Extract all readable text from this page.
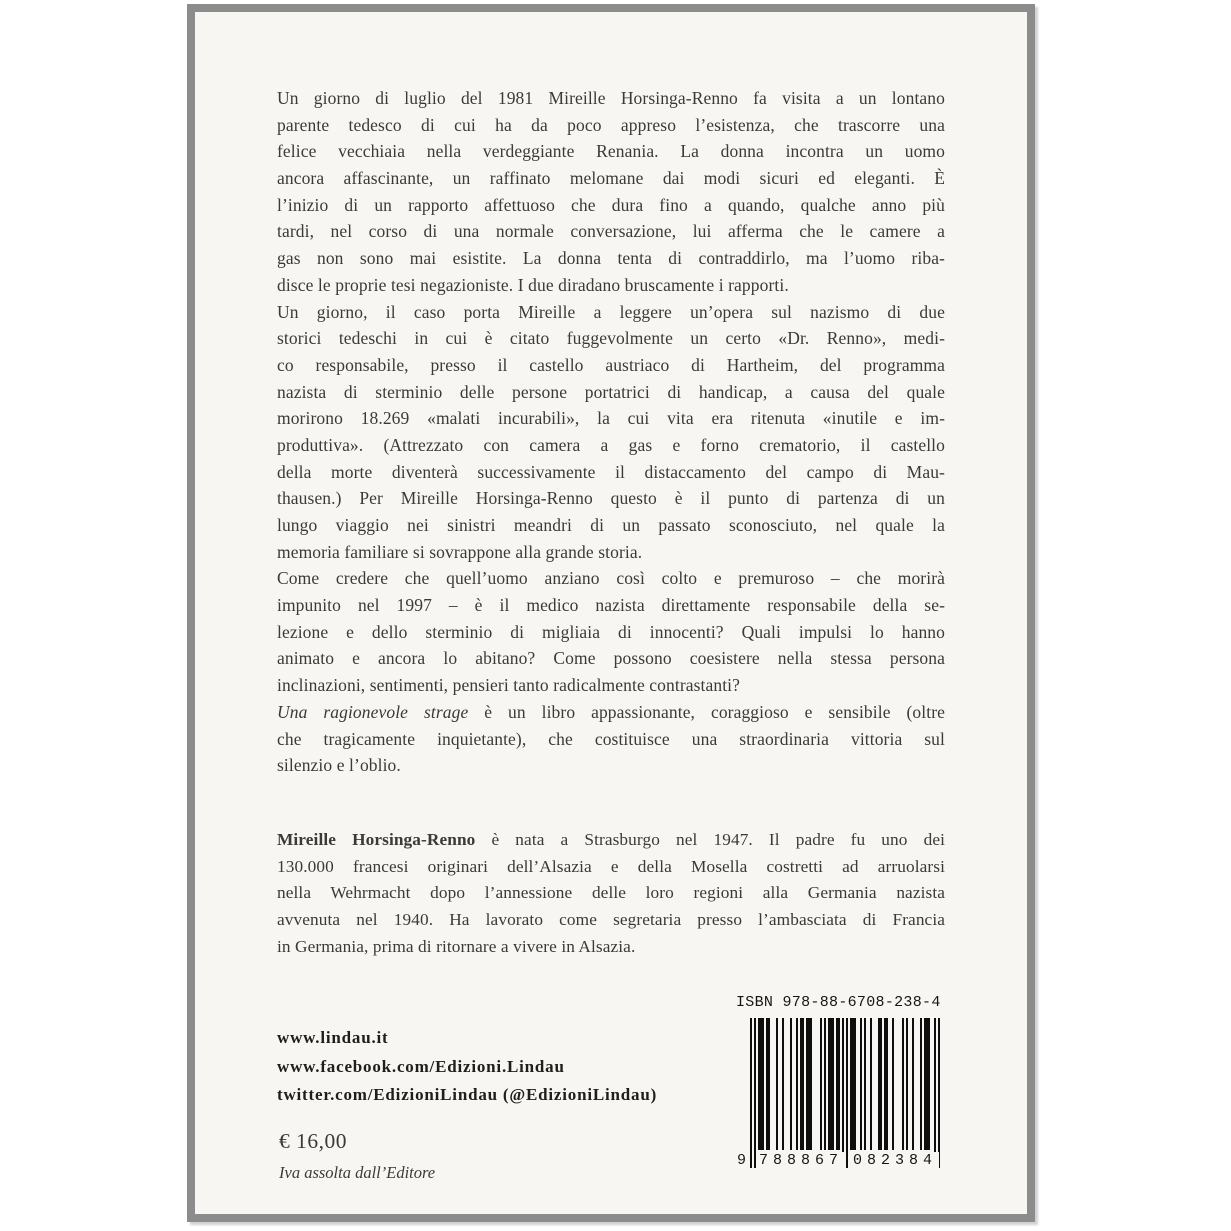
Un giorno di luglio del 1981 Mireille Horsinga-Renno fa visita a un lontano
parente tedesco di cui ha da poco appreso l’esistenza, che trascorre una
felice vecchiaia nella verdeggiante Renania. La donna incontra un uomo
ancora affascinante, un raffinato melomane dai modi sicuri ed eleganti. È
l’inizio di un rapporto affettuoso che dura fino a quando, qualche anno più
tardi, nel corso di una normale conversazione, lui afferma che le camere a
gas non sono mai esistite. La donna tenta di contraddirlo, ma l’uomo riba-
disce le proprie tesi negazioniste. I due diradano bruscamente i rapporti.
Un giorno, il caso porta Mireille a leggere un’opera sul nazismo di due
storici tedeschi in cui è citato fuggevolmente un certo «Dr. Renno», medi-
co responsabile, presso il castello austriaco di Hartheim, del programma
nazista di sterminio delle persone portatrici di handicap, a causa del quale
morirono 18.269 «malati incurabili», la cui vita era ritenuta «inutile e im-
produttiva». (Attrezzato con camera a gas e forno crematorio, il castello
della morte diventerà successivamente il distaccamento del campo di Mau-
thausen.) Per Mireille Horsinga-Renno questo è il punto di partenza di un
lungo viaggio nei sinistri meandri di un passato sconosciuto, nel quale la
memoria familiare si sovrappone alla grande storia.
Come credere che quell’uomo anziano così colto e premuroso – che morirà
impunito nel 1997 – è il medico nazista direttamente responsabile della se-
lezione e dello sterminio di migliaia di innocenti? Quali impulsi lo hanno
animato e ancora lo abitano? Come possono coesistere nella stessa persona
inclinazioni, sentimenti, pensieri tanto radicalmente contrastanti?
Una ragionevole strage è un libro appassionante, coraggioso e sensibile (oltre
che tragicamente inquietante), che costituisce una straordinaria vittoria sul
silenzio e l’oblio.
Mireille Horsinga-Renno è nata a Strasburgo nel 1947. Il padre fu uno dei
130.000 francesi originari dell’Alsazia e della Mosella costretti ad arruolarsi
nella Wehrmacht dopo l’annessione delle loro regioni alla Germania nazista
avvenuta nel 1940. Ha lavorato come segretaria presso l’ambasciata di Francia
in Germania, prima di ritornare a vivere in Alsazia.
ISBN 978-88-6708-238-4
9 788867 082384
www.lindau.it
www.facebook.com/Edizioni.Lindau
twitter.com/EdizioniLindau (@EdizioniLindau)
€ 16,00
Iva assolta dall’Editore
